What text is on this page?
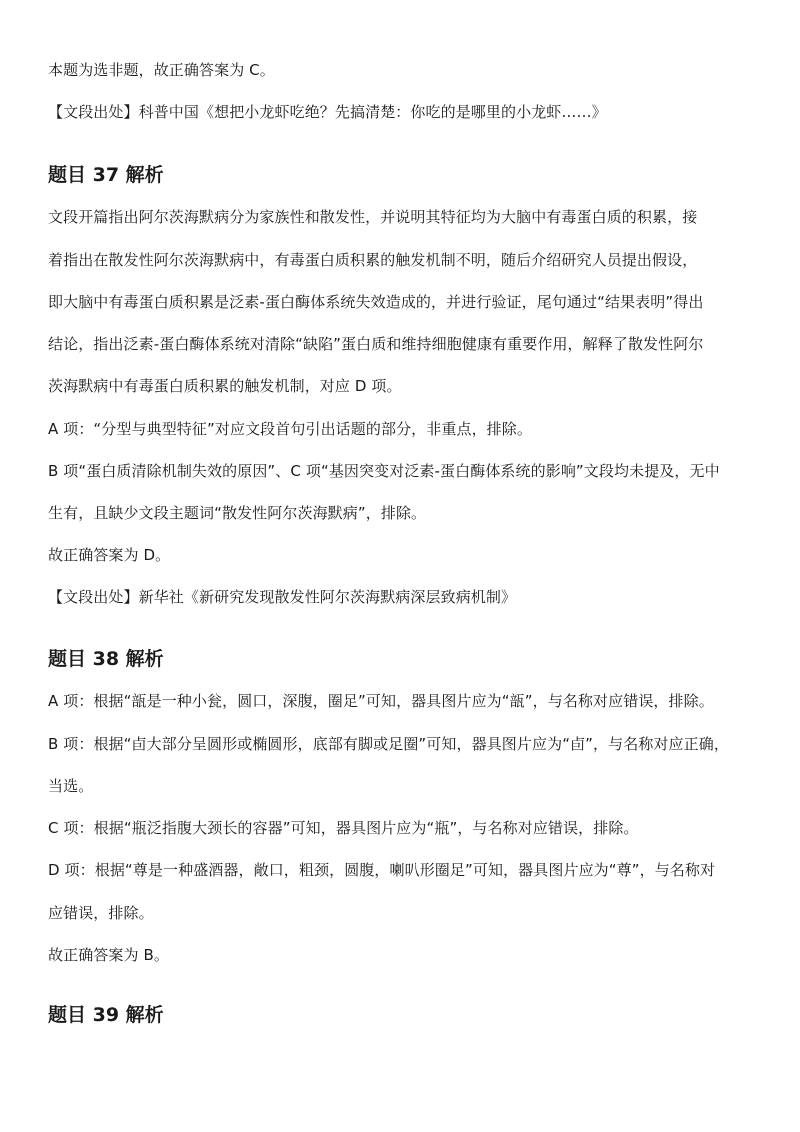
本题为选非题，故正确答案为 C。
【文段出处】科普中国《想把小龙虾吃绝？先搞清楚：你吃的是哪里的小龙虾……》
题目 37 解析
文段开篇指出阿尔茨海默病分为家族性和散发性，并说明其特征均为大脑中有毒蛋白质的积累，接
着指出在散发性阿尔茨海默病中，有毒蛋白质积累的触发机制不明，随后介绍研究人员提出假设，
即大脑中有毒蛋白质积累是泛素-蛋白酶体系统失效造成的，并进行验证，尾句通过“结果表明”得出
结论，指出泛素-蛋白酶体系统对清除“缺陷”蛋白质和维持细胞健康有重要作用，解释了散发性阿尔
茨海默病中有毒蛋白质积累的触发机制，对应 D 项。
A 项：“分型与典型特征”对应文段首句引出话题的部分，非重点，排除。
B 项“蛋白质清除机制失效的原因”、C 项“基因突变对泛素-蛋白酶体系统的影响”文段均未提及，无中
生有，且缺少文段主题词“散发性阿尔茨海默病”，排除。
故正确答案为 D。
【文段出处】新华社《新研究发现散发性阿尔茨海默病深层致病机制》
题目 38 解析
A 项：根据“瓿是一种小瓮，圆口，深腹，圈足”可知，器具图片应为“瓿”，与名称对应错误，排除。
B 项：根据“卣大部分呈圆形或椭圆形，底部有脚或足圈”可知，器具图片应为“卣”，与名称对应正确，
当选。
C 项：根据“瓶泛指腹大颈长的容器”可知，器具图片应为“瓶”，与名称对应错误，排除。
D 项：根据“尊是一种盛酒器，敞口，粗颈，圆腹，喇叭形圈足”可知，器具图片应为“尊”，与名称对
应错误，排除。
故正确答案为 B。
题目 39 解析
